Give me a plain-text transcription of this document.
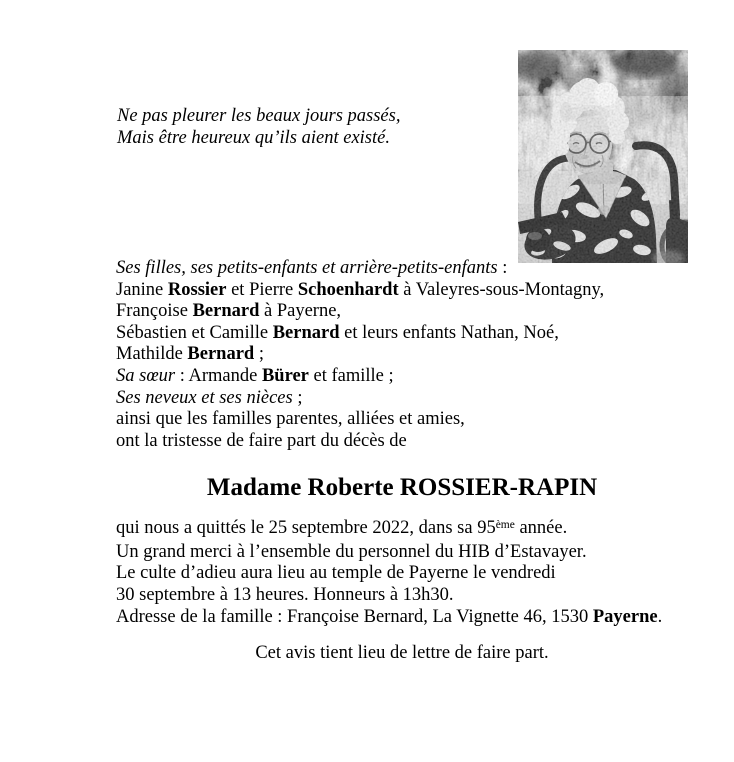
Ne pas pleurer les beaux jours passés,
Mais être heureux qu’ils aient existé.
Ses filles, ses petits-enfants et arrière-petits-enfants :
Janine Rossier et Pierre Schoenhardt à Valeyres-sous-Montagny,
Françoise Bernard à Payerne,
Sébastien et Camille Bernard et leurs enfants Nathan, Noé,
Mathilde Bernard ;
Sa sœur : Armande Bürer et famille ;
Ses neveux et ses nièces ;
ainsi que les familles parentes, alliées et amies,
ont la tristesse de faire part du décès de
Madame Roberte ROSSIER-RAPIN
qui nous a quittés le 25 septembre 2022, dans sa 95ème année.
Un grand merci à l’ensemble du personnel du HIB d’Estavayer.
Le culte d’adieu aura lieu au temple de Payerne le vendredi
30 septembre à 13 heures. Honneurs à 13h30.
Adresse de la famille : Françoise Bernard, La Vignette 46, 1530 Payerne.
Cet avis tient lieu de lettre de faire part.
